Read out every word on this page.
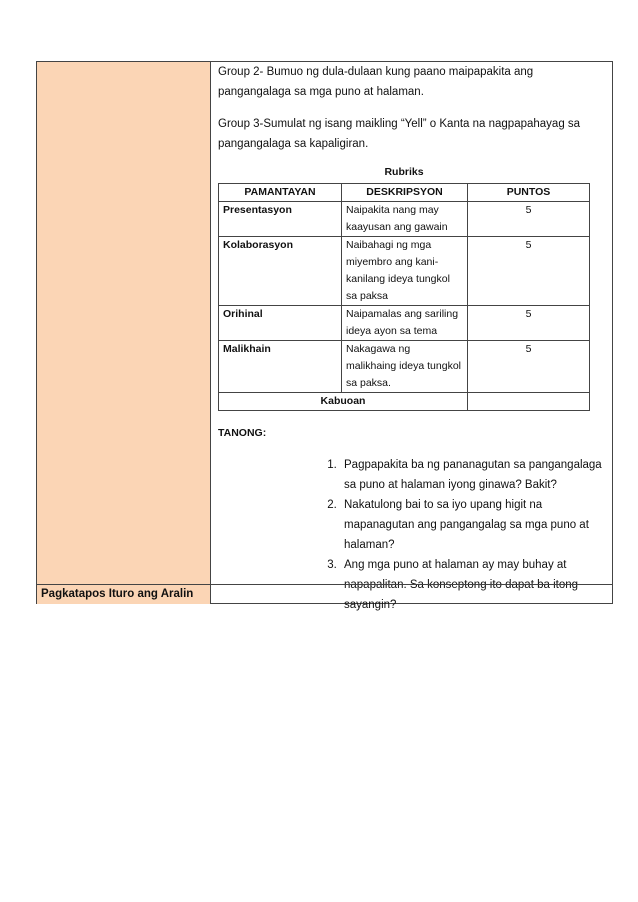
Group 2- Bumuo ng dula-dulaan kung paano maipapakita ang pangangalaga sa mga puno at halaman.

Group 3-Sumulat ng isang maikling “Yell” o Kanta na nagpapahayag sa pangangalaga sa kapaligiran.

Rubriks
PAMANTAYAN	DESKRIPSYON	PUNTOS
Presentasyon	Naipakita nang may kaayusan ang gawain	5
Kolaborasyon	Naibahagi ng mga miyembro ang kani-kanilang ideya tungkol sa paksa	5
Orihinal	Naipamalas ang sariling ideya ayon sa tema	5
Malikhain	Nakagawa ng malikhaing ideya tungkol sa paksa.	5
Kabuoan		
TANONG:
1. Pagpapakita ba ng pananagutan sa pangangalaga sa puno at halaman iyong ginawa? Bakit?
2. Nakatulong bai to sa iyo upang higit na mapanagutan ang pangangalag sa mga puno at halaman?
3. Ang mga puno at halaman ay may buhay at napapalitan. Sa konseptong ito dapat ba itong sayangin?
Pagkatapos Ituro ang Aralin
